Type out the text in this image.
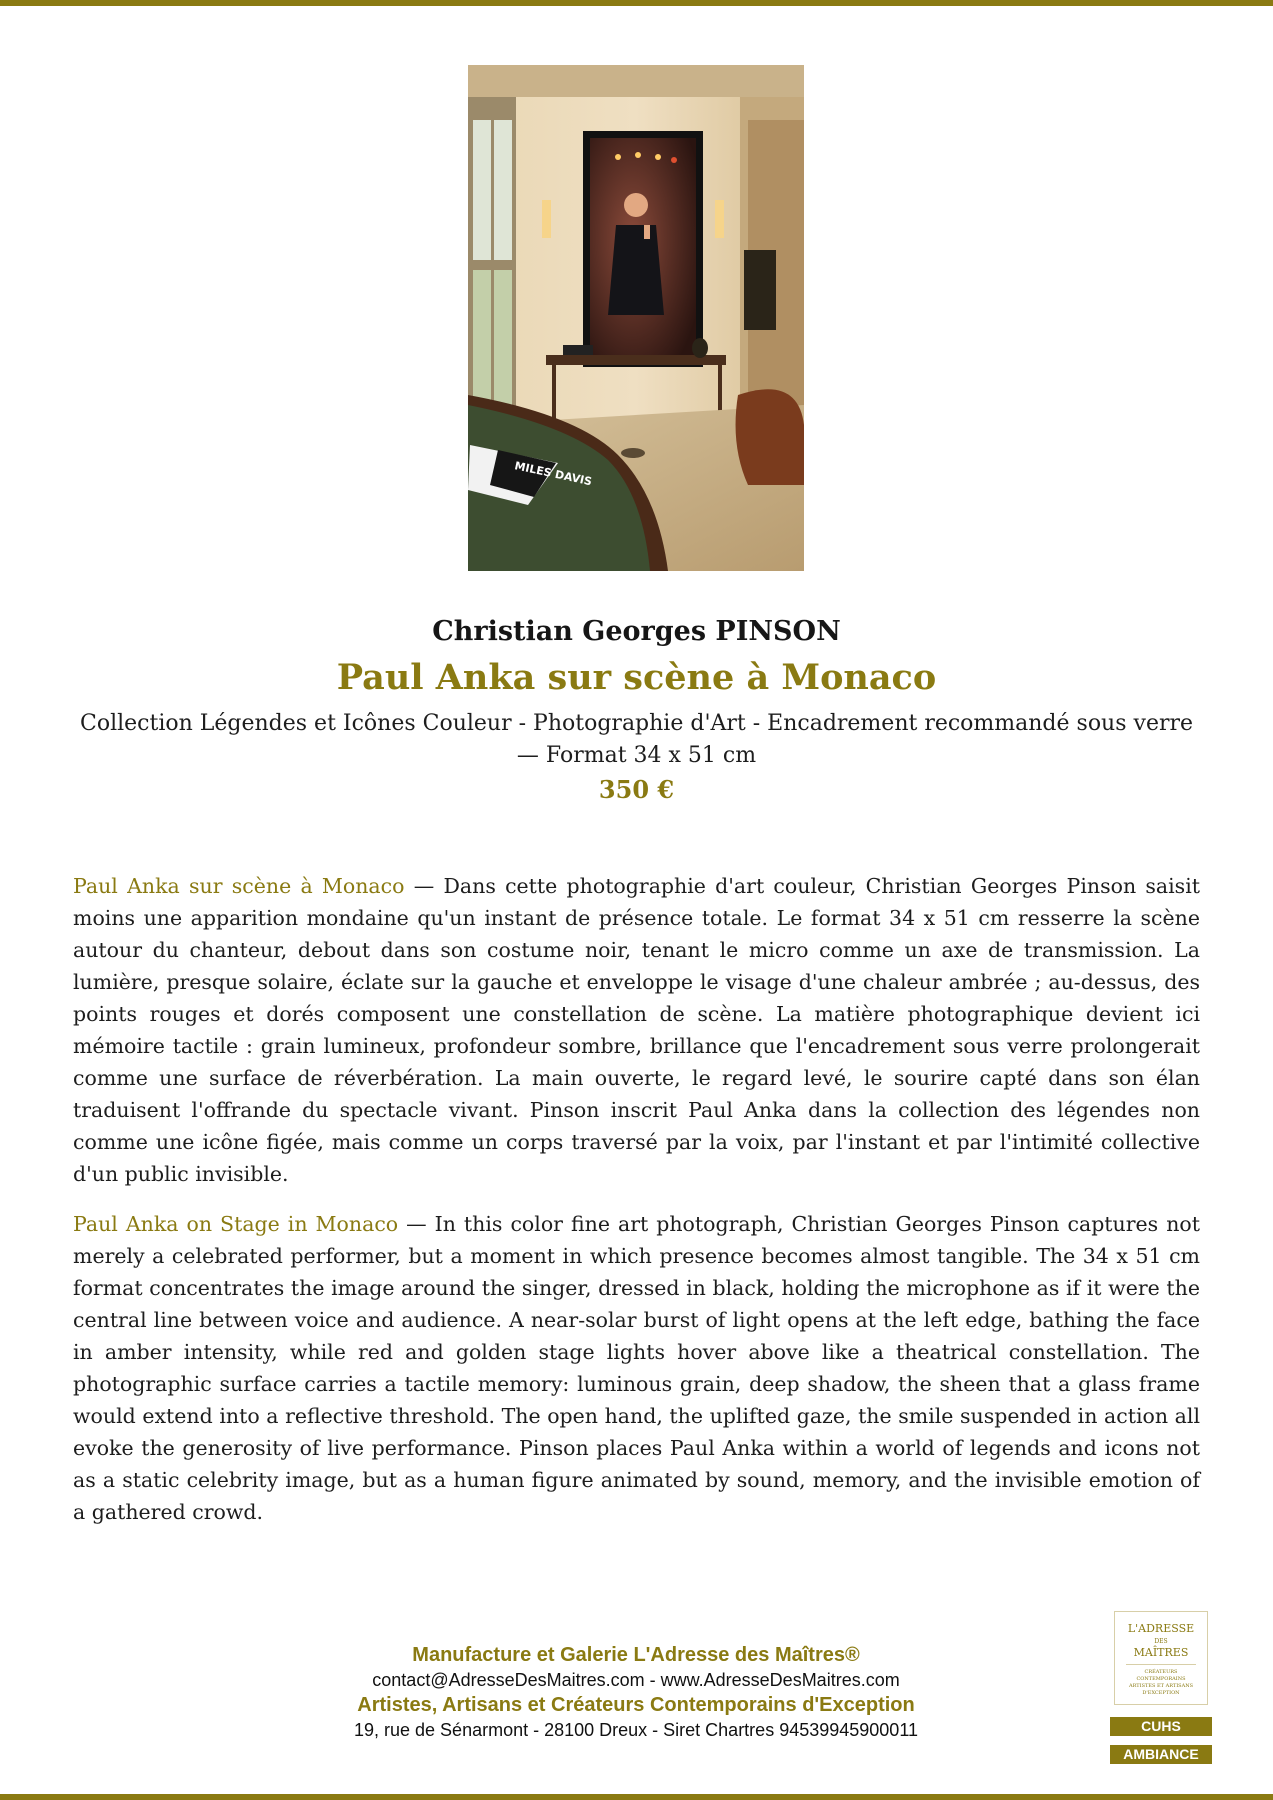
MILES DAVIS
Christian Georges PINSON
Paul Anka sur scène à Monaco
Collection Légendes et Icônes Couleur - Photographie d'Art - Encadrement recommandé sous verre — Format 34 x 51 cm
350 €

Paul Anka sur scène à Monaco — Dans cette photographie d'art couleur, Christian Georges Pinson saisit moins une apparition mondaine qu'un instant de présence totale. Le format 34 x 51 cm resserre la scène autour du chanteur, debout dans son costume noir, tenant le micro comme un axe de transmission. La lumière, presque solaire, éclate sur la gauche et enveloppe le visage d'une chaleur ambrée ; au-dessus, des points rouges et dorés composent une constellation de scène. La matière photographique devient ici mémoire tactile : grain lumineux, profondeur sombre, brillance que l'encadrement sous verre prolongerait comme une surface de réverbération. La main ouverte, le regard levé, le sourire capté dans son élan traduisent l'offrande du spectacle vivant. Pinson inscrit Paul Anka dans la collection des légendes non comme une icône figée, mais comme un corps traversé par la voix, par l'instant et par l'intimité collective d'un public invisible.

Paul Anka on Stage in Monaco — In this color fine art photograph, Christian Georges Pinson captures not merely a celebrated performer, but a moment in which presence becomes almost tangible. The 34 x 51 cm format concentrates the image around the singer, dressed in black, holding the microphone as if it were the central line between voice and audience. A near-solar burst of light opens at the left edge, bathing the face in amber intensity, while red and golden stage lights hover above like a theatrical constellation. The photographic surface carries a tactile memory: luminous grain, deep shadow, the sheen that a glass frame would extend into a reflective threshold. The open hand, the uplifted gaze, the smile suspended in action all evoke the generosity of live performance. Pinson places Paul Anka within a world of legends and icons not as a static celebrity image, but as a human figure animated by sound, memory, and the invisible emotion of a gathered crowd.

Manufacture et Galerie L'Adresse des Maîtres®
contact@AdresseDesMaitres.com - www.AdresseDesMaitres.com
Artistes, Artisans et Créateurs Contemporains d'Exception
19, rue de Sénarmont - 28100 Dreux - Siret Chartres 94539945900011
L'ADRESSE
DES
MAÎTRES
CRÉATEURS CONTEMPORAINS ARTISTES ET ARTISANS D'EXCEPTION
CUHS
AMBIANCE
